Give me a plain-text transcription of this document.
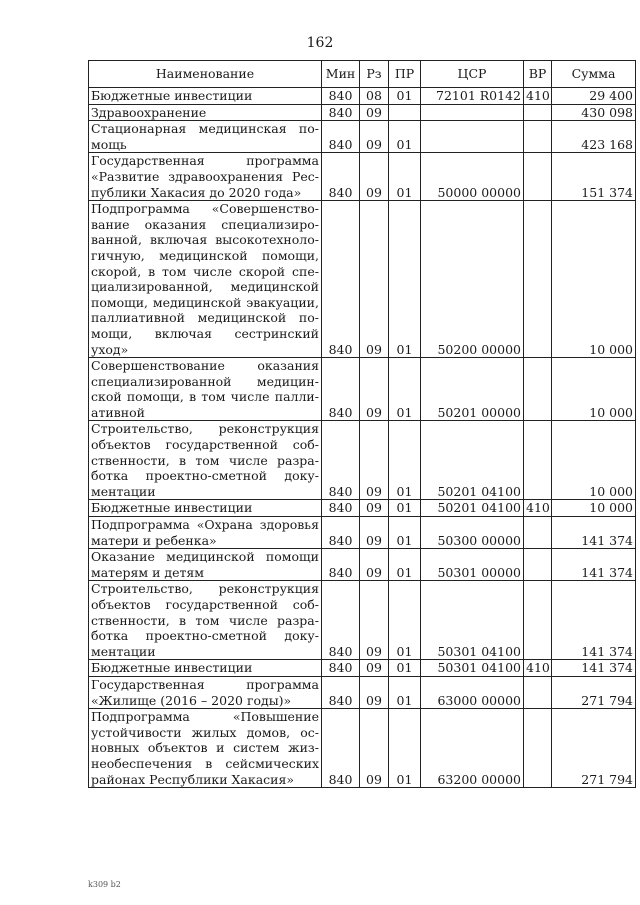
162
Наименование	Мин	Рз	ПР	ЦСР	ВР	Сумма
Бюджетные инвестиции	840	08	01	72101 R0142	410	29 400
Здравоохранение	840	09				430 098
Стационарная медицинская помощь	840	09	01			423 168
Государственная программа «Развитие здравоохранения Республики Хакасия до 2020 года»	840	09	01	50000 00000		151 374
Подпрограмма «Совершенствование оказания специализированной, включая высокотехнологичную, медицинской помощи, скорой, в том числе скорой специализированной, медицинской помощи, медицинской эвакуации, паллиативной медицинской помощи, включая сестринский уход»	840	09	01	50200 00000		10 000
Совершенствование оказания специализированной медицинской помощи, в том числе паллиативной	840	09	01	50201 00000		10 000
Строительство, реконструкция объектов государственной собственности, в том числе разработка проектно-сметной документации	840	09	01	50201 04100		10 000
Бюджетные инвестиции	840	09	01	50201 04100	410	10 000
Подпрограмма «Охрана здоровья матери и ребенка»	840	09	01	50300 00000		141 374
Оказание медицинской помощи матерям и детям	840	09	01	50301 00000		141 374
Строительство, реконструкция объектов государственной собственности, в том числе разработка проектно-сметной документации	840	09	01	50301 04100		141 374
Бюджетные инвестиции	840	09	01	50301 04100	410	141 374
Государственная программа «Жилище (2016 – 2020 годы)»	840	09	01	63000 00000		271 794
Подпрограмма «Повышение устойчивости жилых домов, основных объектов и систем жизнеобеспечения в сейсмических районах Республики Хакасия»	840	09	01	63200 00000		271 794
k309 b2
